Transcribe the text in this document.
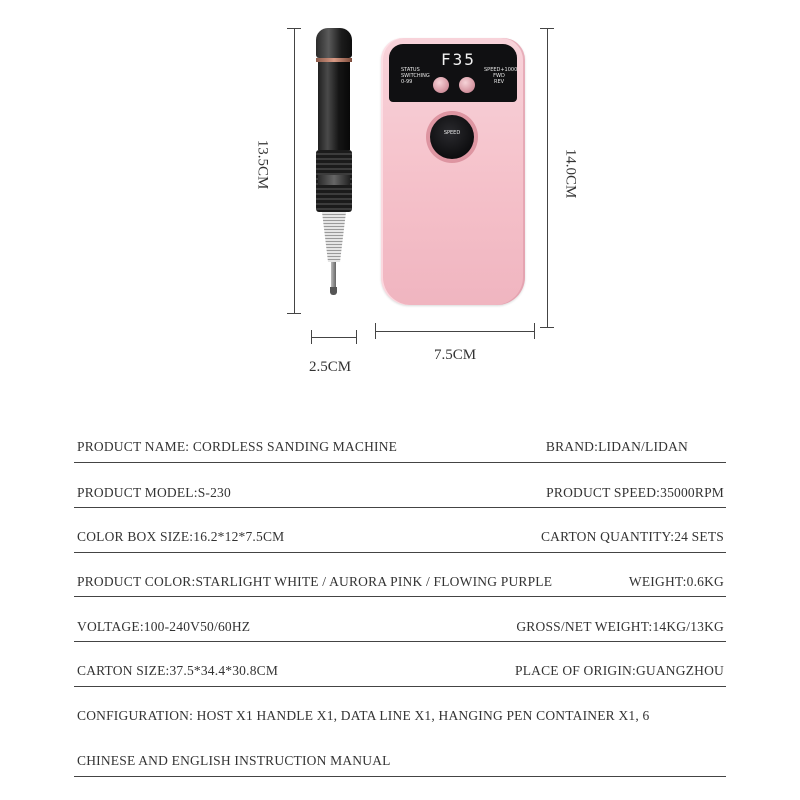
13.5CM
2.5CM
STATUS
SWITCHING
0-99
F35
SPEED+1000
FWD
REV
SPEED
14.0CM
7.5CM
PRODUCT NAME: CORDLESS SANDING MACHINE	BRAND:LIDAN/LIDAN
PRODUCT MODEL:S-230	PRODUCT SPEED:35000RPM
COLOR BOX SIZE:16.2*12*7.5CM	CARTON QUANTITY:24 SETS
PRODUCT COLOR:STARLIGHT WHITE / AURORA PINK / FLOWING PURPLE	WEIGHT:0.6KG
VOLTAGE:100-240V50/60HZ	GROSS/NET WEIGHT:14KG/13KG
CARTON SIZE:37.5*34.4*30.8CM	PLACE OF ORIGIN:GUANGZHOU
CONFIGURATION: HOST X1 HANDLE X1, DATA LINE X1, HANGING PEN CONTAINER X1, 6
CHINESE AND ENGLISH INSTRUCTION MANUAL
